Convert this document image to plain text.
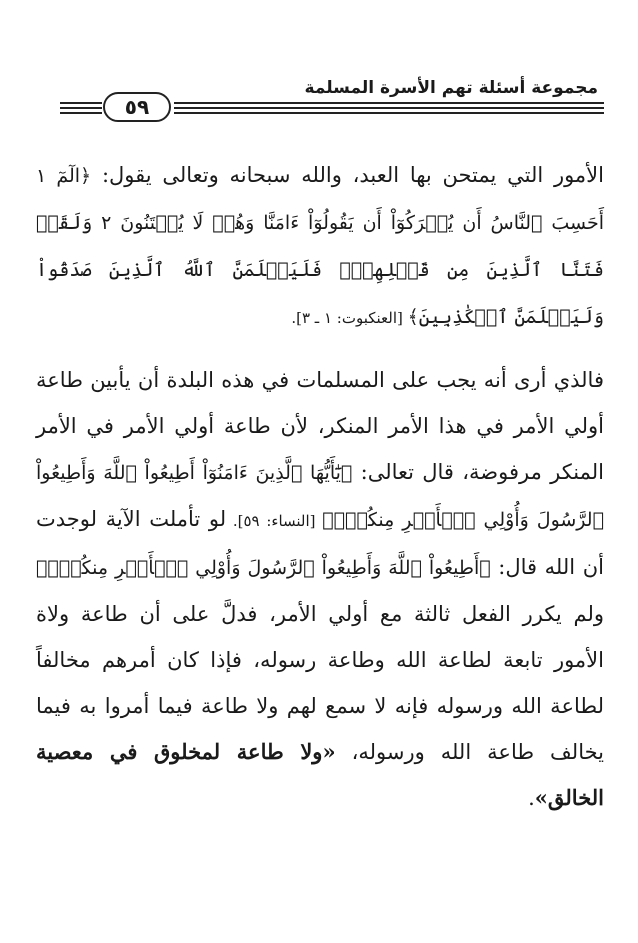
مجموعة أسئلة تهم الأسرة المسلمة
٥٩

الأمور التي يمتحن بها العبد، والله سبحانه وتعالى يقول: ﴿الٓمٓ ١ أَحَسِبَ ٱلنَّاسُ أَن يُتۡرَكُوٓاْ أَن يَقُولُوٓاْ ءَامَنَّا وَهُمۡ لَا يُفۡتَنُونَ ٢ وَلَقَدۡ فَتَنَّا ٱلَّذِينَ مِن قَبۡلِهِمۡۖ فَلَيَعۡلَمَنَّ ٱللَّهُ ٱلَّذِينَ صَدَقُواْ وَلَيَعۡلَمَنَّ ٱلۡكَٰذِبِينَ﴾ [العنكبوت: ١ ـ ٣].

فالذي أرى أنه يجب على المسلمات في هذه البلدة أن يأبين طاعة أولي الأمر في هذا الأمر المنكر، لأن طاعة أولي الأمر في الأمر المنكر مرفوضة، قال تعالى: ﴿يَٰٓأَيُّهَا ٱلَّذِينَ ءَامَنُوٓاْ أَطِيعُواْ ٱللَّهَ وَأَطِيعُواْ ٱلرَّسُولَ وَأُوْلِي ٱلۡأَمۡرِ مِنكُمۡۖ﴾ [النساء: ٥٩]. لو تأملت الآية لوجدت أن الله قال: ﴿أَطِيعُواْ ٱللَّهَ وَأَطِيعُواْ ٱلرَّسُولَ وَأُوْلِي ٱلۡأَمۡرِ مِنكُمۡۖ﴾ ولم يكرر الفعل ثالثة مع أولي الأمر، فدلَّ على أن طاعة ولاة الأمور تابعة لطاعة الله وطاعة رسوله، فإذا كان أمرهم مخالفاً لطاعة الله ورسوله فإنه لا سمع لهم ولا طاعة فيما أمروا به فيما يخالف طاعة الله ورسوله، «ولا طاعة لمخلوق في معصية الخالق».
